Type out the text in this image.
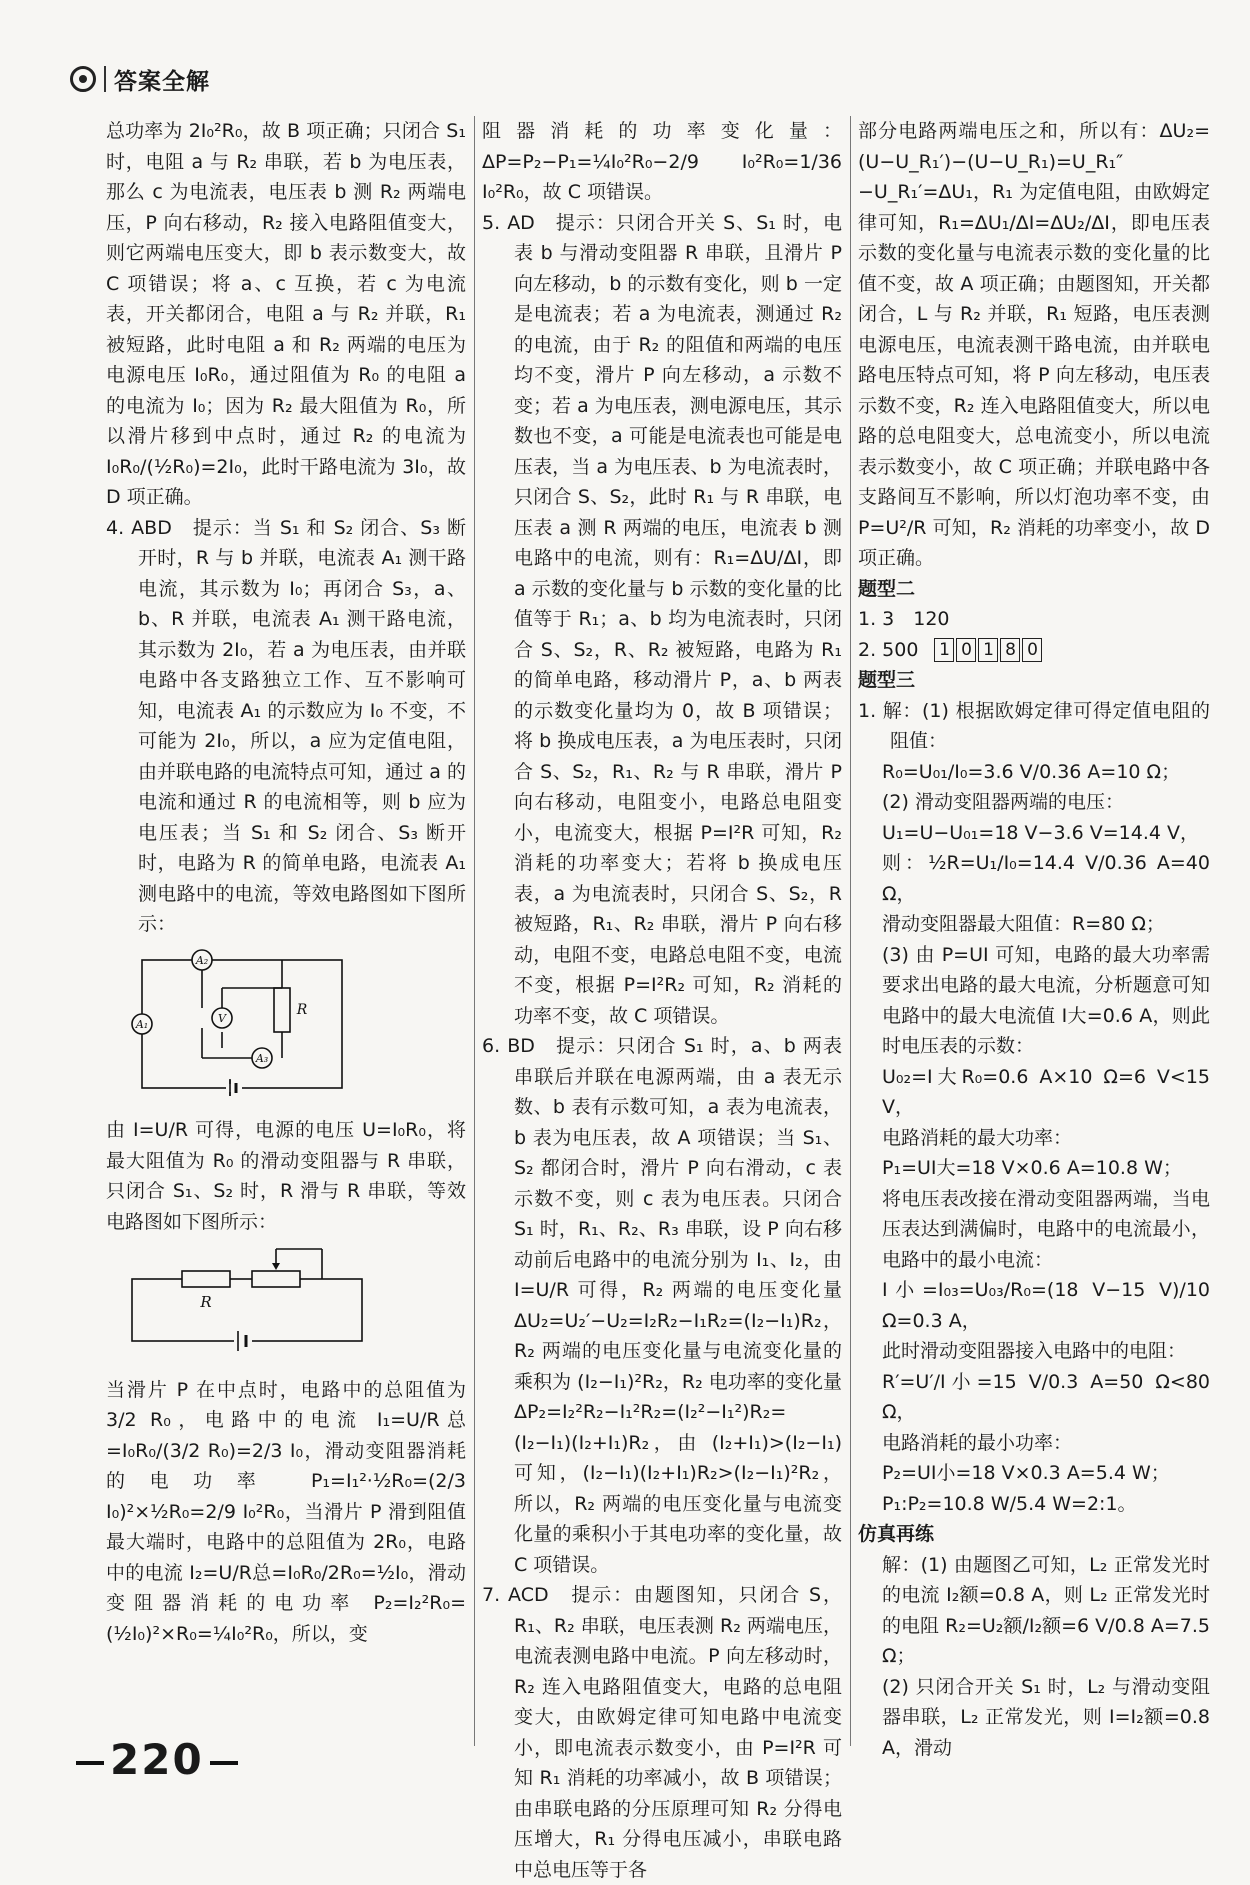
答案全解

总功率为 2I₀²R₀，故 B 项正确；只闭合 S₁ 时，电阻 a 与 R₂ 串联，若 b 为电压表，那么 c 为电流表，电压表 b 测 R₂ 两端电压，P 向右移动，R₂ 接入电路阻值变大，则它两端电压变大，即 b 表示数变大，故 C 项错误；将 a、c 互换，若 c 为电流表，开关都闭合，电阻 a 与 R₂ 并联，R₁ 被短路，此时电阻 a 和 R₂ 两端的电压为电源电压 I₀R₀，通过阻值为 R₀ 的电阻 a 的电流为 I₀；因为 R₂ 最大阻值为 R₀，所以滑片移到中点时，通过 R₂ 的电流为 I₀R₀/(½R₀)=2I₀，此时干路电流为 3I₀，故 D 项正确。

4. ABD　提示：当 S₁ 和 S₂ 闭合、S₃ 断开时，R 与 b 并联，电流表 A₁ 测干路电流，其示数为 I₀；再闭合 S₃，a、b、R 并联，电流表 A₁ 测干路电流，其示数为 2I₀，若 a 为电压表，由并联电路中各支路独立工作、互不影响可知，电流表 A₁ 的示数应为 I₀ 不变，不可能为 2I₀，所以，a 应为定值电阻，由并联电路的电流特点可知，通过 a 的电流和通过 R 的电流相等，则 b 应为电压表；当 S₁ 和 S₂ 闭合、S₃ 断开时，电路为 R 的简单电路，电流表 A₁ 测电路中的电流，等效电路图如下图所示：

A₂
V
R
A₁
A₃

由 I=U/R 可得，电源的电压 U=I₀R₀，将最大阻值为 R₀ 的滑动变阻器与 R 串联，只闭合 S₁、S₂ 时，R 滑与 R 串联，等效电路图如下图所示：

R

当滑片 P 在中点时，电路中的总阻值为 3/2 R₀，电路中的电流 I₁=U/R总=I₀R₀/(3/2 R₀)=2/3 I₀，滑动变阻器消耗的电功率 P₁=I₁²·½R₀=(2/3 I₀)²×½R₀=2/9 I₀²R₀，当滑片 P 滑到阻值最大端时，电路中的总阻值为 2R₀，电路中的电流 I₂=U/R总=I₀R₀/2R₀=½I₀，滑动变阻器消耗的电功率 P₂=I₂²R₀=(½I₀)²×R₀=¼I₀²R₀，所以，变

阻器消耗的功率变化量：ΔP=P₂−P₁=¼I₀²R₀−2/9 I₀²R₀=1/36 I₀²R₀，故 C 项错误。

5. AD　提示：只闭合开关 S、S₁ 时，电表 b 与滑动变阻器 R 串联，且滑片 P 向左移动，b 的示数有变化，则 b 一定是电流表；若 a 为电流表，测通过 R₂ 的电流，由于 R₂ 的阻值和两端的电压均不变，滑片 P 向左移动，a 示数不变；若 a 为电压表，测电源电压，其示数也不变，a 可能是电流表也可能是电压表，当 a 为电压表、b 为电流表时，只闭合 S、S₂，此时 R₁ 与 R 串联，电压表 a 测 R 两端的电压，电流表 b 测电路中的电流，则有：R₁=ΔU/ΔI，即 a 示数的变化量与 b 示数的变化量的比值等于 R₁；a、b 均为电流表时，只闭合 S、S₂，R、R₂ 被短路，电路为 R₁ 的简单电路，移动滑片 P，a、b 两表的示数变化量均为 0，故 B 项错误；将 b 换成电压表，a 为电压表时，只闭合 S、S₂，R₁、R₂ 与 R 串联，滑片 P 向右移动，电阻变小，电路总电阻变小，电流变大，根据 P=I²R 可知，R₂ 消耗的功率变大；若将 b 换成电压表，a 为电流表时，只闭合 S、S₂，R 被短路，R₁、R₂ 串联，滑片 P 向右移动，电阻不变，电路总电阻不变，电流不变，根据 P=I²R₂ 可知，R₂ 消耗的功率不变，故 C 项错误。

6. BD　提示：只闭合 S₁ 时，a、b 两表串联后并联在电源两端，由 a 表无示数、b 表有示数可知，a 表为电流表，b 表为电压表，故 A 项错误；当 S₁、S₂ 都闭合时，滑片 P 向右滑动，c 表示数不变，则 c 表为电压表。只闭合 S₁ 时，R₁、R₂、R₃ 串联，设 P 向右移动前后电路中的电流分别为 I₁、I₂，由 I=U/R 可得，R₂ 两端的电压变化量 ΔU₂=U₂′−U₂=I₂R₂−I₁R₂=(I₂−I₁)R₂，R₂ 两端的电压变化量与电流变化量的乘积为 (I₂−I₁)²R₂，R₂ 电功率的变化量 ΔP₂=I₂²R₂−I₁²R₂=(I₂²−I₁²)R₂=(I₂−I₁)(I₂+I₁)R₂，由 (I₂+I₁)>(I₂−I₁) 可知，(I₂−I₁)(I₂+I₁)R₂>(I₂−I₁)²R₂，所以，R₂ 两端的电压变化量与电流变化量的乘积小于其电功率的变化量，故 C 项错误。

7. ACD　提示：由题图知，只闭合 S，R₁、R₂ 串联，电压表测 R₂ 两端电压，电流表测电路中电流。P 向左移动时，R₂ 连入电路阻值变大，电路的总电阻变大，由欧姆定律可知电路中电流变小，即电流表示数变小，由 P=I²R 可知 R₁ 消耗的功率减小，故 B 项错误；由串联电路的分压原理可知 R₂ 分得电压增大，R₁ 分得电压减小，串联电路中总电压等于各

部分电路两端电压之和，所以有：ΔU₂=(U−U_R₁′)−(U−U_R₁)=U_R₁″−U_R₁′=ΔU₁，R₁ 为定值电阻，由欧姆定律可知，R₁=ΔU₁/ΔI=ΔU₂/ΔI，即电压表示数的变化量与电流表示数的变化量的比值不变，故 A 项正确；由题图知，开关都闭合，L 与 R₂ 并联，R₁ 短路，电压表测电源电压，电流表测干路电流，由并联电路电压特点可知，将 P 向左移动，电压表示数不变，R₂ 连入电路阻值变大，所以电路的总电阻变大，总电流变小，所以电流表示数变小，故 C 项正确；并联电路中各支路间互不影响，所以灯泡功率不变，由 P=U²/R 可知，R₂ 消耗的功率变小，故 D 项正确。

题型二

1. 3　120

2. 500 1 0 1 8 0

题型三

1. 解：(1) 根据欧姆定律可得定值电阻的阻值：

R₀=U₀₁/I₀=3.6 V/0.36 A=10 Ω；

(2) 滑动变阻器两端的电压：

U₁=U−U₀₁=18 V−3.6 V=14.4 V，

则：½R=U₁/I₀=14.4 V/0.36 A=40 Ω，

滑动变阻器最大阻值：R=80 Ω；

(3) 由 P=UI 可知，电路的最大功率需要求出电路的最大电流，分析题意可知电路中的最大电流值 I大=0.6 A，则此时电压表的示数：

U₀₂=I大R₀=0.6 A×10 Ω=6 V<15 V，

电路消耗的最大功率：

P₁=UI大=18 V×0.6 A=10.8 W；

将电压表改接在滑动变阻器两端，当电压表达到满偏时，电路中的电流最小，电路中的最小电流：

I小=I₀₃=U₀₃/R₀=(18 V−15 V)/10 Ω=0.3 A，

此时滑动变阻器接入电路中的电阻：

R′=U′/I小=15 V/0.3 A=50 Ω<80 Ω，

电路消耗的最小功率：

P₂=UI小=18 V×0.3 A=5.4 W；

P₁:P₂=10.8 W/5.4 W=2:1。

仿真再练

解：(1) 由题图乙可知，L₂ 正常发光时的电流 I₂额=0.8 A，则 L₂ 正常发光时的电阻 R₂=U₂额/I₂额=6 V/0.8 A=7.5 Ω；

(2) 只闭合开关 S₁ 时，L₂ 与滑动变阻器串联，L₂ 正常发光，则 I=I₂额=0.8 A，滑动

220
